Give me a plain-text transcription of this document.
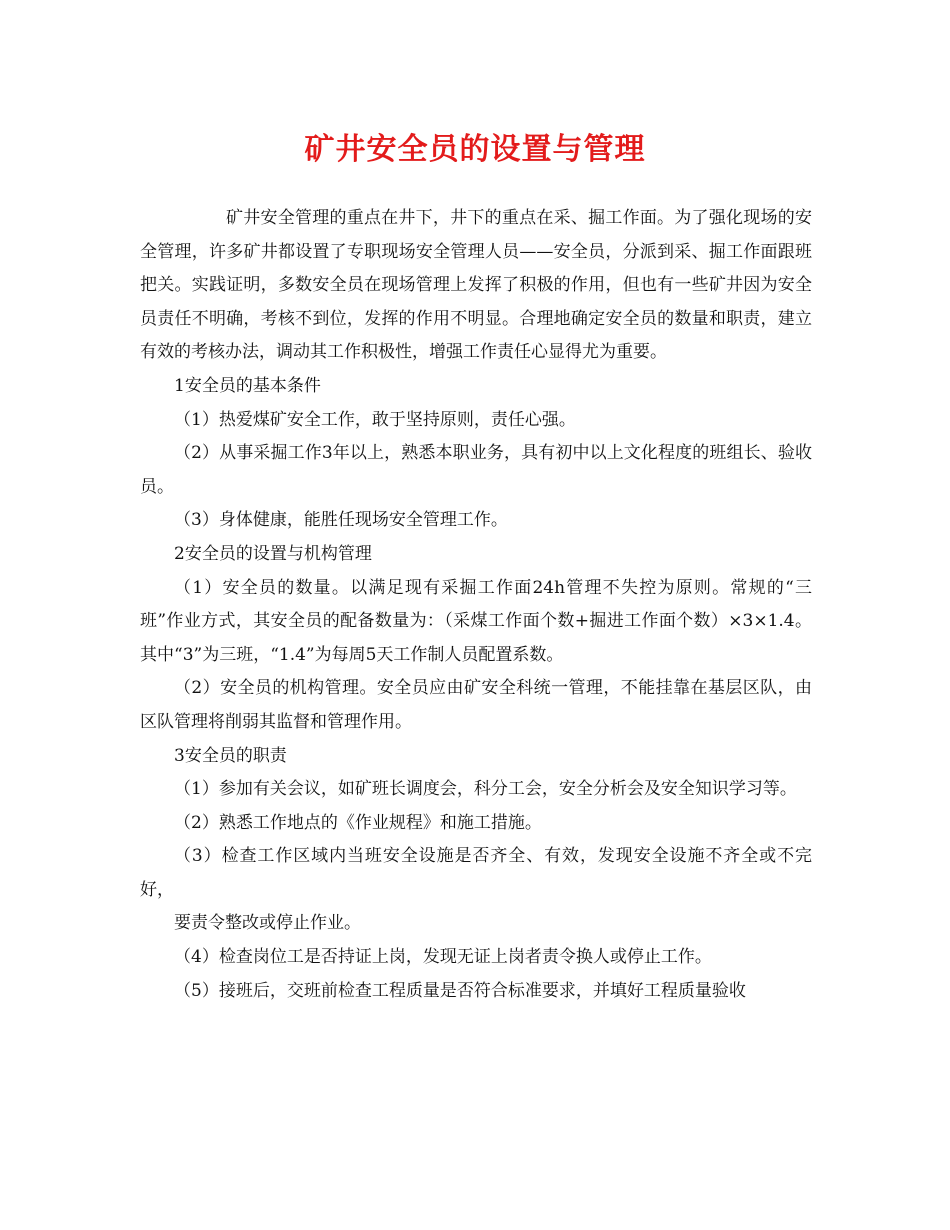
矿井安全员的设置与管理

矿井安全管理的重点在井下，井下的重点在采、掘工作面。为了强化现场的安全管理，许多矿井都设置了专职现场安全管理人员——安全员，分派到采、掘工作面跟班把关。实践证明，多数安全员在现场管理上发挥了积极的作用，但也有一些矿井因为安全员责任不明确，考核不到位，发挥的作用不明显。合理地确定安全员的数量和职责，建立有效的考核办法，调动其工作积极性，增强工作责任心显得尤为重要。

1安全员的基本条件

（1）热爱煤矿安全工作，敢于坚持原则，责任心强。

（2）从事采掘工作3年以上，熟悉本职业务，具有初中以上文化程度的班组长、验收员。

（3）身体健康，能胜任现场安全管理工作。

2安全员的设置与机构管理

（1）安全员的数量。以满足现有采掘工作面24h管理不失控为原则。常规的“三班”作业方式，其安全员的配备数量为：（采煤工作面个数+掘进工作面个数）×3×1.4。其中“3”为三班，“1.4”为每周5天工作制人员配置系数。

（2）安全员的机构管理。安全员应由矿安全科统一管理，不能挂靠在基层区队，由区队管理将削弱其监督和管理作用。

3安全员的职责

（1）参加有关会议，如矿班长调度会，科分工会，安全分析会及安全知识学习等。

（2）熟悉工作地点的《作业规程》和施工措施。

（3）检查工作区域内当班安全设施是否齐全、有效，发现安全设施不齐全或不完好，

要责令整改或停止作业。

（4）检查岗位工是否持证上岗，发现无证上岗者责令换人或停止工作。

（5）接班后，交班前检查工程质量是否符合标准要求，并填好工程质量验收
